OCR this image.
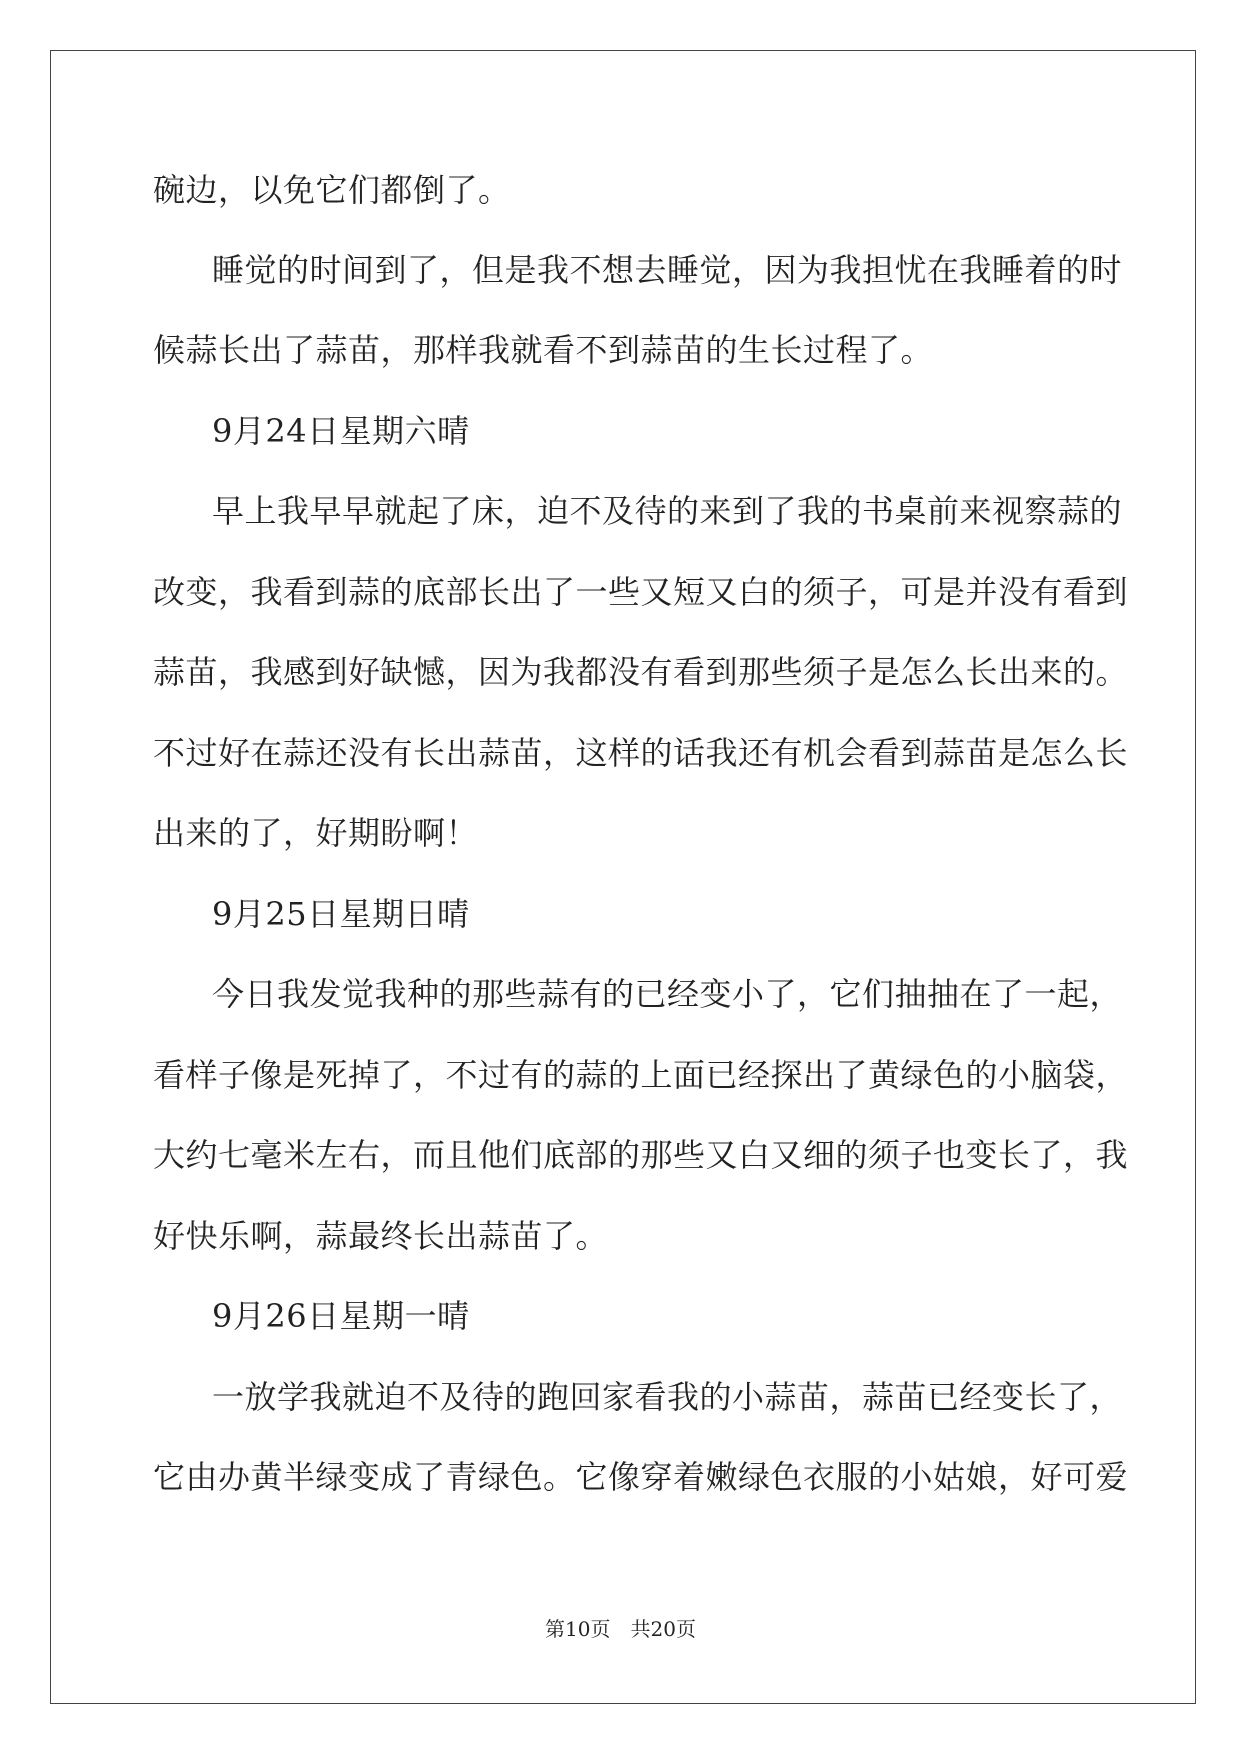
碗边，以免它们都倒了。
睡觉的时间到了，但是我不想去睡觉，因为我担忧在我睡着的时
候蒜长出了蒜苗，那样我就看不到蒜苗的生长过程了。
9月24日星期六晴
早上我早早就起了床，迫不及待的来到了我的书桌前来视察蒜的
改变，我看到蒜的底部长出了一些又短又白的须子，可是并没有看到
蒜苗，我感到好缺憾，因为我都没有看到那些须子是怎么长出来的。
不过好在蒜还没有长出蒜苗，这样的话我还有机会看到蒜苗是怎么长
出来的了，好期盼啊！
9月25日星期日晴
今日我发觉我种的那些蒜有的已经变小了，它们抽抽在了一起，
看样子像是死掉了，不过有的蒜的上面已经探出了黄绿色的小脑袋，
大约七毫米左右，而且他们底部的那些又白又细的须子也变长了，我
好快乐啊，蒜最终长出蒜苗了。
9月26日星期一晴
一放学我就迫不及待的跑回家看我的小蒜苗，蒜苗已经变长了，
它由办黄半绿变成了青绿色。它像穿着嫩绿色衣服的小姑娘，好可爱
第10页　共20页
